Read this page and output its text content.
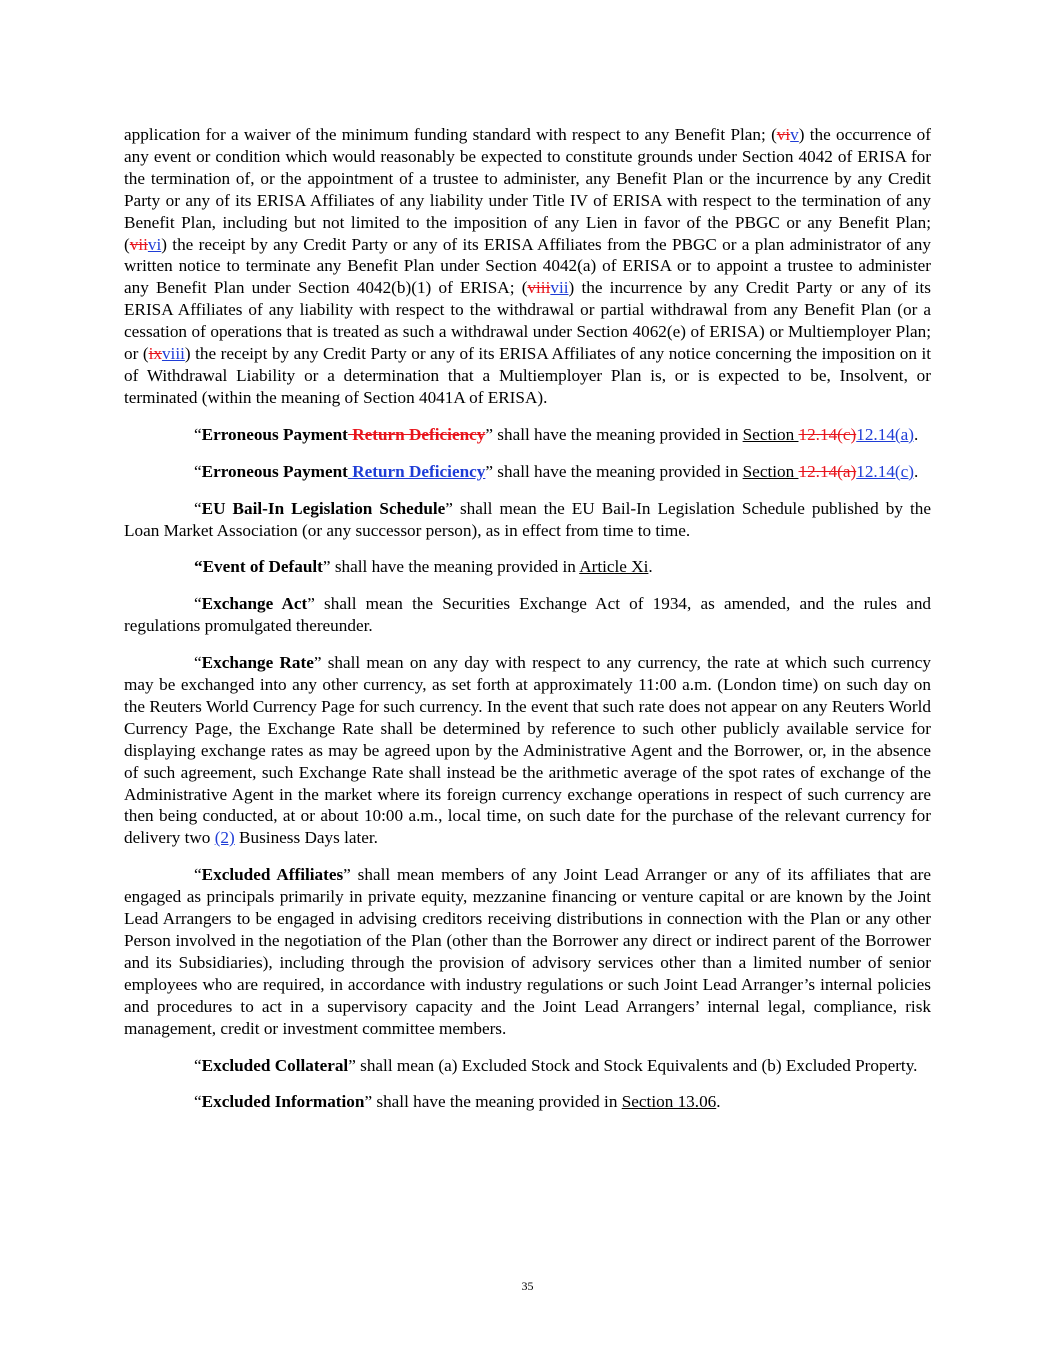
application for a waiver of the minimum funding standard with respect to any Benefit Plan; (viv) the occurrence of any event or condition which would reasonably be expected to constitute grounds under Section 4042 of ERISA for the termination of, or the appointment of a trustee to administer, any Benefit Plan or the incurrence by any Credit Party or any of its ERISA Affiliates of any liability under Title IV of ERISA with respect to the termination of any Benefit Plan, including but not limited to the imposition of any Lien in favor of the PBGC or any Benefit Plan; (viivi) the receipt by any Credit Party or any of its ERISA Affiliates from the PBGC or a plan administrator of any written notice to terminate any Benefit Plan under Section 4042(a) of ERISA or to appoint a trustee to administer any Benefit Plan under Section 4042(b)(1) of ERISA; (viiivii) the incurrence by any Credit Party or any of its ERISA Affiliates of any liability with respect to the withdrawal or partial withdrawal from any Benefit Plan (or a cessation of operations that is treated as such a withdrawal under Section 4062(e) of ERISA) or Multiemployer Plan; or (ixviii) the receipt by any Credit Party or any of its ERISA Affiliates of any notice concerning the imposition on it of Withdrawal Liability or a determination that a Multiemployer Plan is, or is expected to be, Insolvent, or terminated (within the meaning of Section 4041A of ERISA).

“Erroneous Payment Return Deficiency” shall have the meaning provided in Section 12.14(c)12.14(a).

“Erroneous Payment Return Deficiency” shall have the meaning provided in Section 12.14(a)12.14(c).

“EU Bail-In Legislation Schedule” shall mean the EU Bail-In Legislation Schedule published by the Loan Market Association (or any successor person), as in effect from time to time.

“Event of Default” shall have the meaning provided in Article Xi.

“Exchange Act” shall mean the Securities Exchange Act of 1934, as amended, and the rules and regulations promulgated thereunder.

“Exchange Rate” shall mean on any day with respect to any currency, the rate at which such currency may be exchanged into any other currency, as set forth at approximately 11:00 a.m. (London time) on such day on the Reuters World Currency Page for such currency. In the event that such rate does not appear on any Reuters World Currency Page, the Exchange Rate shall be determined by reference to such other publicly available service for displaying exchange rates as may be agreed upon by the Administrative Agent and the Borrower, or, in the absence of such agreement, such Exchange Rate shall instead be the arithmetic average of the spot rates of exchange of the Administrative Agent in the market where its foreign currency exchange operations in respect of such currency are then being conducted, at or about 10:00 a.m., local time, on such date for the purchase of the relevant currency for delivery two (2) Business Days later.

“Excluded Affiliates” shall mean members of any Joint Lead Arranger or any of its affiliates that are engaged as principals primarily in private equity, mezzanine financing or venture capital or are known by the Joint Lead Arrangers to be engaged in advising creditors receiving distributions in connection with the Plan or any other Person involved in the negotiation of the Plan (other than the Borrower any direct or indirect parent of the Borrower and its Subsidiaries), including through the provision of advisory services other than a limited number of senior employees who are required, in accordance with industry regulations or such Joint Lead Arranger’s internal policies and procedures to act in a supervisory capacity and the Joint Lead Arrangers’ internal legal, compliance, risk management, credit or investment committee members.

“Excluded Collateral” shall mean (a) Excluded Stock and Stock Equivalents and (b) Excluded Property.

“Excluded Information” shall have the meaning provided in Section 13.06.

35
